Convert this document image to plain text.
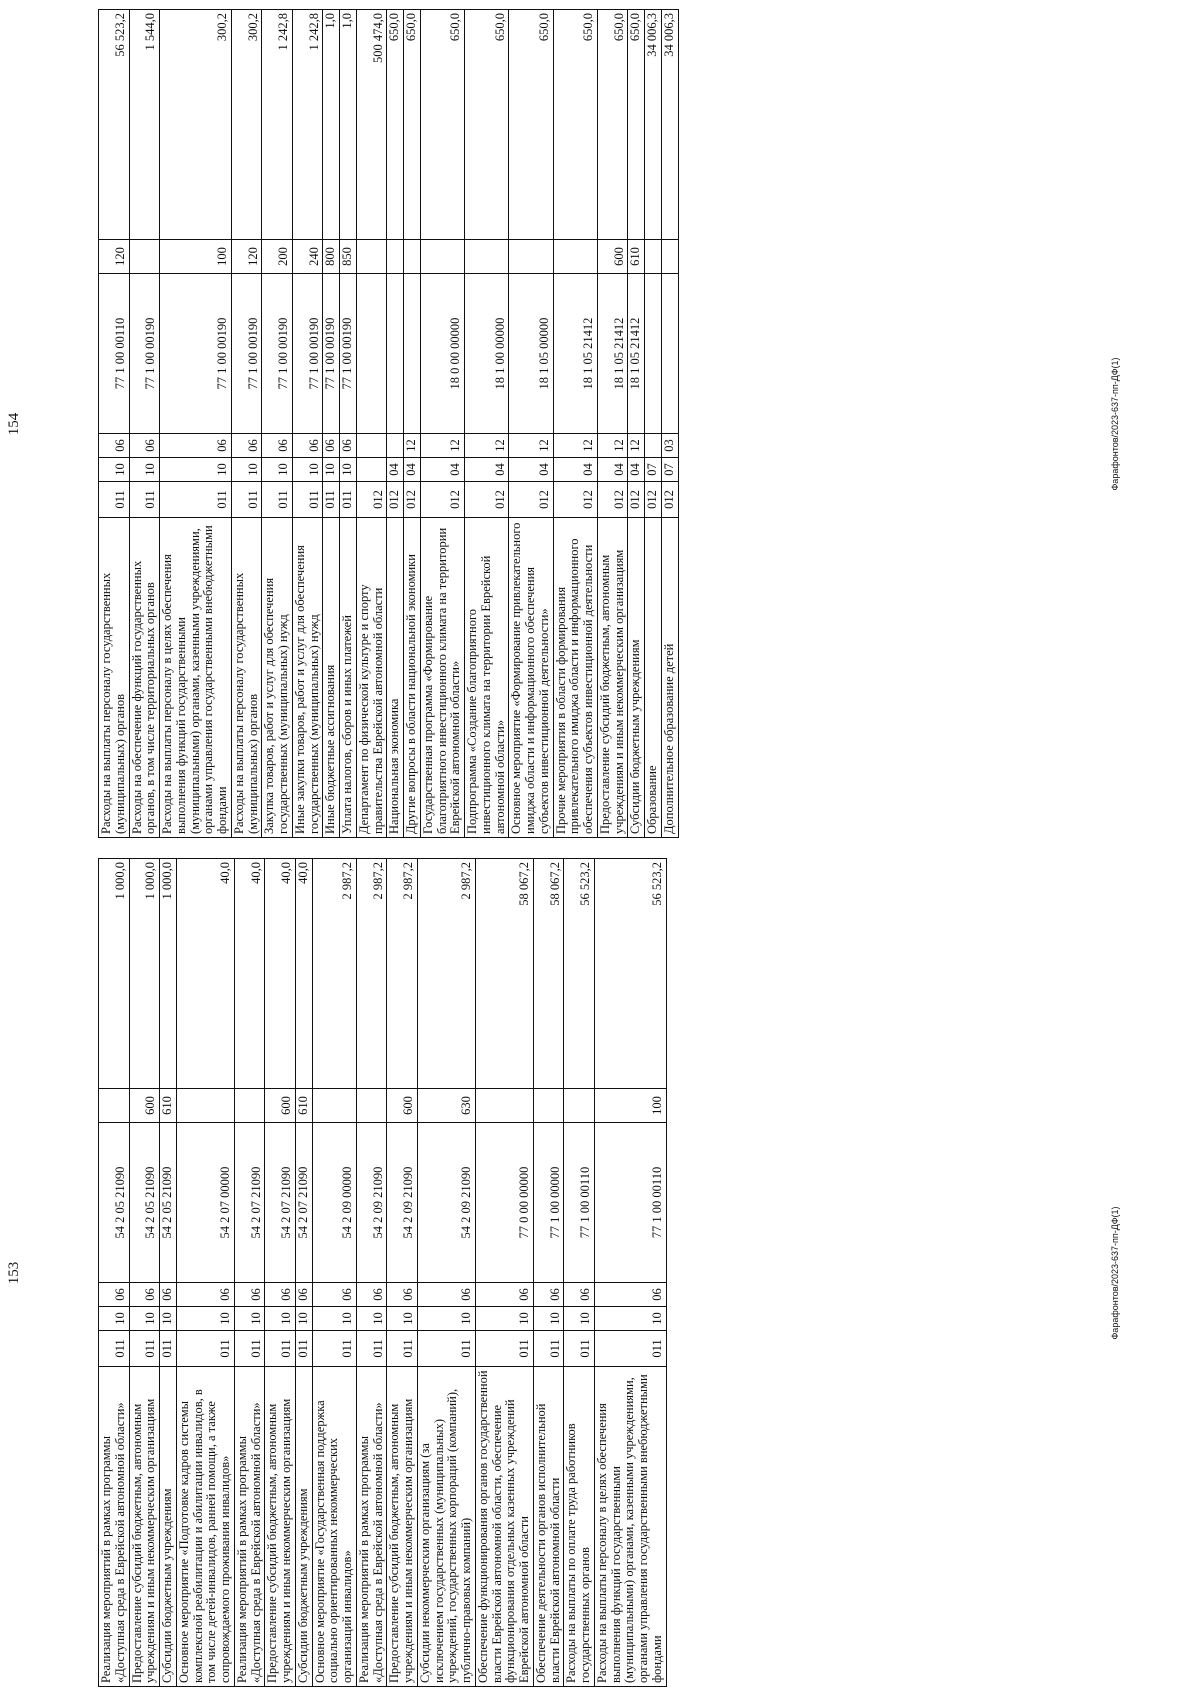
153
Реализация мероприятий в рамках программы «Доступная среда в Еврейской автономной области»	011	10	06	54 2 05 21090		1 000,0
Предоставление субсидий бюджетным, автономным учреждениям и иным некоммерческим организациям	011	10	06	54 2 05 21090	600	1 000,0
Субсидии бюджетным учреждениям	011	10	06	54 2 05 21090	610	1 000,0
Основное мероприятие «Подготовке кадров системы комплексной реабилитации и абилитации инвалидов, в том числе детей-инвалидов, ранней помощи, а также сопровождаемого проживания инвалидов»	011	10	06	54 2 07 00000		40,0
Реализация мероприятий в рамках программы «Доступная среда в Еврейской автономной области»	011	10	06	54 2 07 21090		40,0
Предоставление субсидий бюджетным, автономным учреждениям и иным некоммерческим организациям	011	10	06	54 2 07 21090	600	40,0
Субсидии бюджетным учреждениям	011	10	06	54 2 07 21090	610	40,0
Основное мероприятие «Государственная поддержка социально ориентированных некоммерческих организаций инвалидов»	011	10	06	54 2 09 00000		2 987,2
Реализация мероприятий в рамках программы «Доступная среда в Еврейской автономной области»	011	10	06	54 2 09 21090		2 987,2
Предоставление субсидий бюджетным, автономным учреждениям и иным некоммерческим организациям	011	10	06	54 2 09 21090	600	2 987,2
Субсидии некоммерческим организациям (за исключением государственных (муниципальных) учреждений, государственных корпораций (компаний), публично-правовых компаний)	011	10	06	54 2 09 21090	630	2 987,2
Обеспечение функционирования органов государственной власти Еврейской автономной области, обеспечение функционирования отдельных казенных учреждений Еврейской автономной области	011	10	06	77 0 00 00000		58 067,2
Обеспечение деятельности органов исполнительной власти Еврейской автономной области	011	10	06	77 1 00 00000		58 067,2
Расходы на выплаты по оплате труда работников государственных органов	011	10	06	77 1 00 00110		56 523,2
Расходы на выплаты персоналу в целях обеспечения выполнения функций государственными (муниципальными) органами, казенными учреждениями, органами управления государственными внебюджетными фондами	011	10	06	77 1 00 00110	100	56 523,2
Фарафонтов/2023-637-пп-ДФ(1)
154
Расходы на выплаты персоналу государственных (муниципальных) органов	011	10	06	77 1 00 00110	120	56 523,2
Расходы на обеспечение функций государственных органов, в том числе территориальных органов	011	10	06	77 1 00 00190		1 544,0
Расходы на выплаты персоналу в целях обеспечения выполнения функций государственными (муниципальными) органами, казенными учреждениями, органами управления государственными внебюджетными фондами	011	10	06	77 1 00 00190	100	300,2
Расходы на выплаты персоналу государственных (муниципальных) органов	011	10	06	77 1 00 00190	120	300,2
Закупка товаров, работ и услуг для обеспечения государственных (муниципальных) нужд	011	10	06	77 1 00 00190	200	1 242,8
Иные закупки товаров, работ и услуг для обеспечения государственных (муниципальных) нужд	011	10	06	77 1 00 00190	240	1 242,8
Иные бюджетные ассигнования	011	10	06	77 1 00 00190	800	1,0
Уплата налогов, сборов и иных платежей	011	10	06	77 1 00 00190	850	1,0
Департамент по физической культуре и спорту правительства Еврейской автономной области	012					500 474,0
Национальная экономика	012	04				650,0
Другие вопросы в области национальной экономики	012	04	12			650,0
Государственная программа «Формирование благоприятного инвестиционного климата на территории Еврейской автономной области»	012	04	12	18 0 00 00000		650,0
Подпрограмма «Создание благоприятного инвестиционного климата на территории Еврейской автономной области»	012	04	12	18 1 00 00000		650,0
Основное мероприятие «Формирование привлекательного имиджа области и информационного обеспечения субъектов инвестиционной деятельности»	012	04	12	18 1 05 00000		650,0
Прочие мероприятия в области формирования привлекательного имиджа области и информационного обеспечения субъектов инвестиционной деятельности	012	04	12	18 1 05 21412		650,0
Предоставление субсидий бюджетным, автономным учреждениям и иным некоммерческим организациям	012	04	12	18 1 05 21412	600	650,0
Субсидии бюджетным учреждениям	012	04	12	18 1 05 21412	610	650,0
Образование	012	07				34 006,3
Дополнительное образование детей	012	07	03			34 006,3
Фарафонтов/2023-637-пп-ДФ(1)
